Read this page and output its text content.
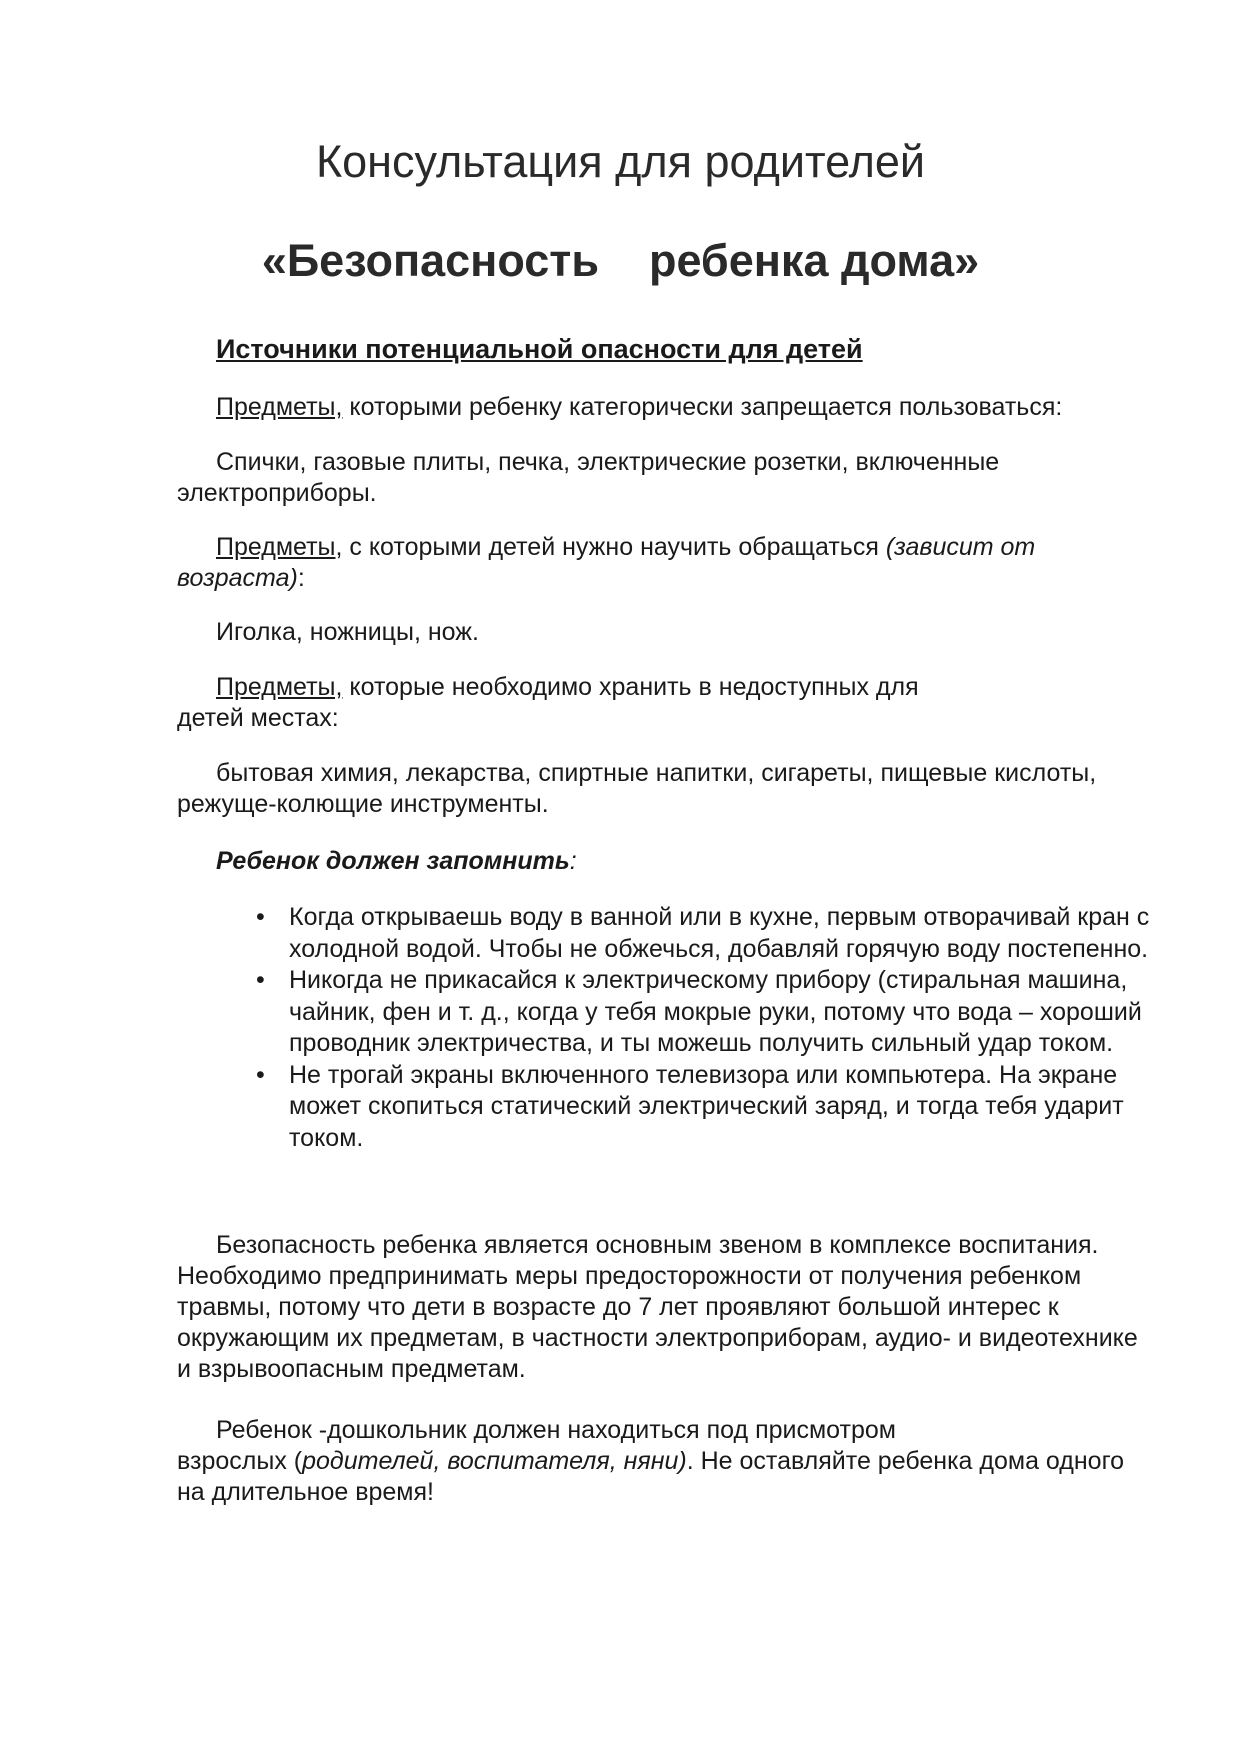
Консультация для родителей
«Безопасность    ребенка дома»
Источники потенциальной опасности для детей

Предметы, которыми ребенку категорически запрещается пользоваться:

Спички, газовые плиты, печка, электрические розетки, включенные электроприборы.

Предметы, с которыми детей нужно научить обращаться (зависит от возраста):

Иголка, ножницы, нож.

Предметы, которые необходимо хранить в недоступных для
детей местах:

бытовая химия, лекарства, спиртные напитки, сигареты, пищевые кислоты, режуще-колющие инструменты.

Ребенок должен запомнить:
• Когда открываешь воду в ванной или в кухне, первым отворачивай кран с холодной водой. Чтобы не обжечься, добавляй горячую воду постепенно.
• Никогда не прикасайся к электрическому прибору (стиральная машина, чайник, фен и т. д., когда у тебя мокрые руки, потому что вода – хороший проводник электричества, и ты можешь получить сильный удар током.
• Не трогай экраны включенного телевизора или компьютера. На экране может скопиться статический электрический заряд, и тогда тебя ударит током.

Безопасность ребенка является основным звеном в комплексе воспитания. Необходимо предпринимать меры предосторожности от получения ребенком травмы, потому что дети в возрасте до 7 лет проявляют большой интерес к окружающим их предметам, в частности электроприборам, аудио- и видеотехнике и взрывоопасным предметам.

Ребенок -дошкольник должен находиться под присмотром
взрослых (родителей, воспитателя, няни). Не оставляйте ребенка дома одного на длительное время!
